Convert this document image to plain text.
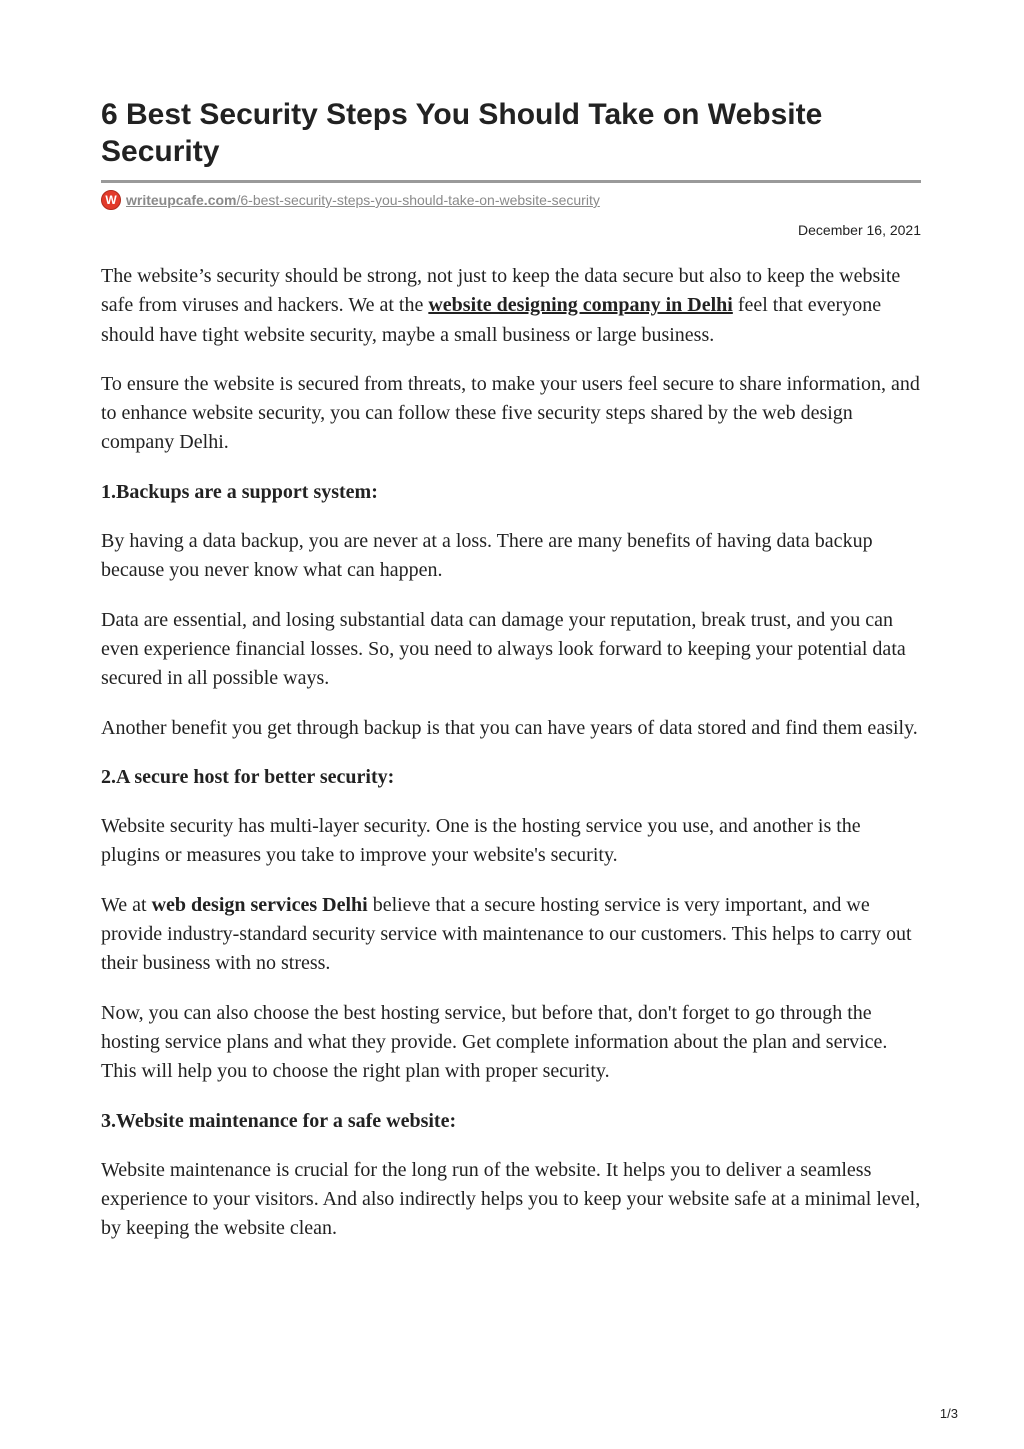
6 Best Security Steps You Should Take on Website Security
W writeupcafe.com /6-best-security-steps-you-should-take-on-website-security
December 16, 2021

The website’s security should be strong, not just to keep the data secure but also to keep the website safe from viruses and hackers. We at the website designing company in Delhi feel that everyone should have tight website security, maybe a small business or large business.

To ensure the website is secured from threats, to make your users feel secure to share information, and to enhance website security, you can follow these five security steps shared by the web design company Delhi.

1.Backups are a support system:

By having a data backup, you are never at a loss. There are many benefits of having data backup because you never know what can happen.

Data are essential, and losing substantial data can damage your reputation, break trust, and you can even experience financial losses. So, you need to always look forward to keeping your potential data secured in all possible ways.

Another benefit you get through backup is that you can have years of data stored and find them easily.

2.A secure host for better security:

Website security has multi-layer security. One is the hosting service you use, and another is the plugins or measures you take to improve your website's security.

We at web design services Delhi believe that a secure hosting service is very important, and we provide industry-standard security service with maintenance to our customers. This helps to carry out their business with no stress.

Now, you can also choose the best hosting service, but before that, don't forget to go through the hosting service plans and what they provide. Get complete information about the plan and service. This will help you to choose the right plan with proper security.

3.Website maintenance for a safe website:

Website maintenance is crucial for the long run of the website. It helps you to deliver a seamless experience to your visitors. And also indirectly helps you to keep your website safe at a minimal level, by keeping the website clean.

1/3
